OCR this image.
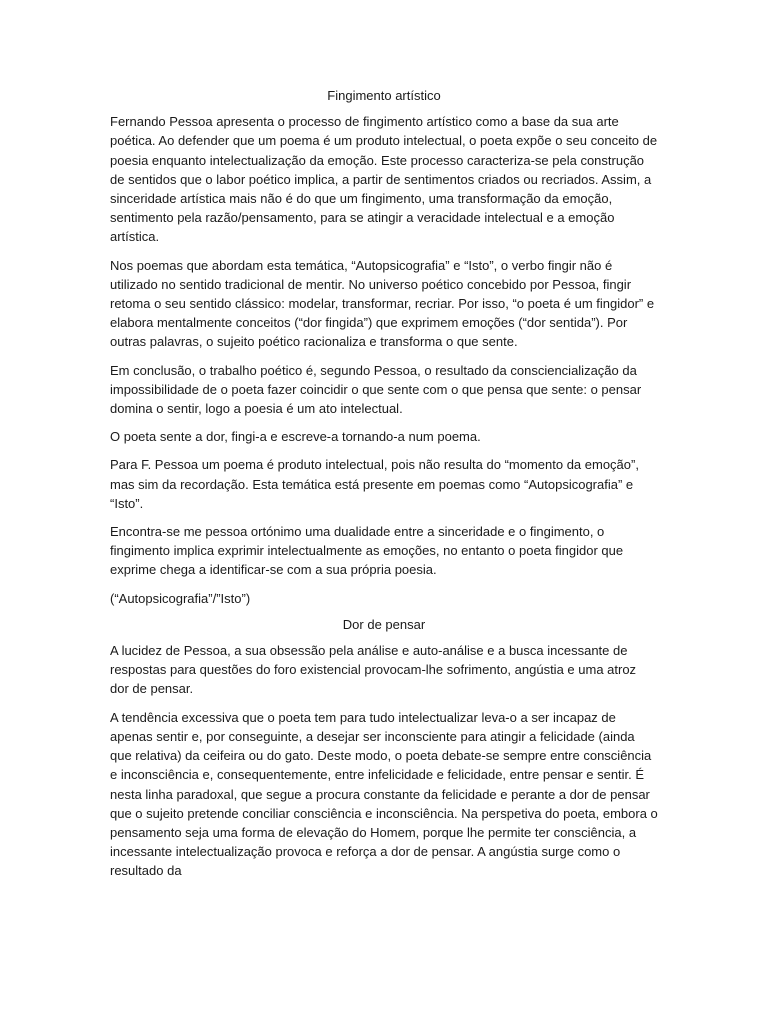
Fingimento artístico

Fernando Pessoa apresenta o processo de fingimento artístico como a base da sua arte poética. Ao defender que um poema é um produto intelectual, o poeta expõe o seu conceito de poesia enquanto intelectualização da emoção. Este processo caracteriza-se pela construção de sentidos que o labor poético implica, a partir de sentimentos criados ou recriados. Assim, a sinceridade artística mais não é do que um fingimento, uma transformação da emoção, sentimento pela razão/pensamento, para se atingir a veracidade intelectual e a emoção artística.

Nos poemas que abordam esta temática, “Autopsicografia” e “Isto”, o verbo fingir não é utilizado no sentido tradicional de mentir. No universo poético concebido por Pessoa, fingir retoma o seu sentido clássico: modelar, transformar, recriar. Por isso, “o poeta é um fingidor” e elabora mentalmente conceitos (“dor fingida”) que exprimem emoções (“dor sentida”). Por outras palavras, o sujeito poético racionaliza e transforma o que sente.

Em conclusão, o trabalho poético é, segundo Pessoa, o resultado da consciencialização da impossibilidade de o poeta fazer coincidir o que sente com o que pensa que sente: o pensar domina o sentir, logo a poesia é um ato intelectual.

O poeta sente a dor, fingi-a e escreve-a tornando-a num poema.

Para F. Pessoa um poema é produto intelectual, pois não resulta do “momento da emoção”, mas sim da recordação. Esta temática está presente em poemas como “Autopsicografia” e “Isto”.

Encontra-se me pessoa ortónimo uma dualidade entre a sinceridade e o fingimento, o fingimento implica exprimir intelectualmente as emoções, no entanto o poeta fingidor que exprime chega a identificar-se com a sua própria poesia.

(“Autopsicografia”/”Isto”)

Dor de pensar

A lucidez de Pessoa, a sua obsessão pela análise e auto-análise e a busca incessante de respostas para questões do foro existencial provocam-lhe sofrimento, angústia e uma atroz dor de pensar.

A tendência excessiva que o poeta tem para tudo intelectualizar leva-o a ser incapaz de apenas sentir e, por conseguinte, a desejar ser inconsciente para atingir a felicidade (ainda que relativa) da ceifeira ou do gato. Deste modo, o poeta debate-se sempre entre consciência e inconsciência e, consequentemente, entre infelicidade e felicidade, entre pensar e sentir. É nesta linha paradoxal, que segue a procura constante da felicidade e perante a dor de pensar que o sujeito pretende conciliar consciência e inconsciência. Na perspetiva do poeta, embora o pensamento seja uma forma de elevação do Homem, porque lhe permite ter consciência, a incessante intelectualização provoca e reforça a dor de pensar. A angústia surge como o resultado da
